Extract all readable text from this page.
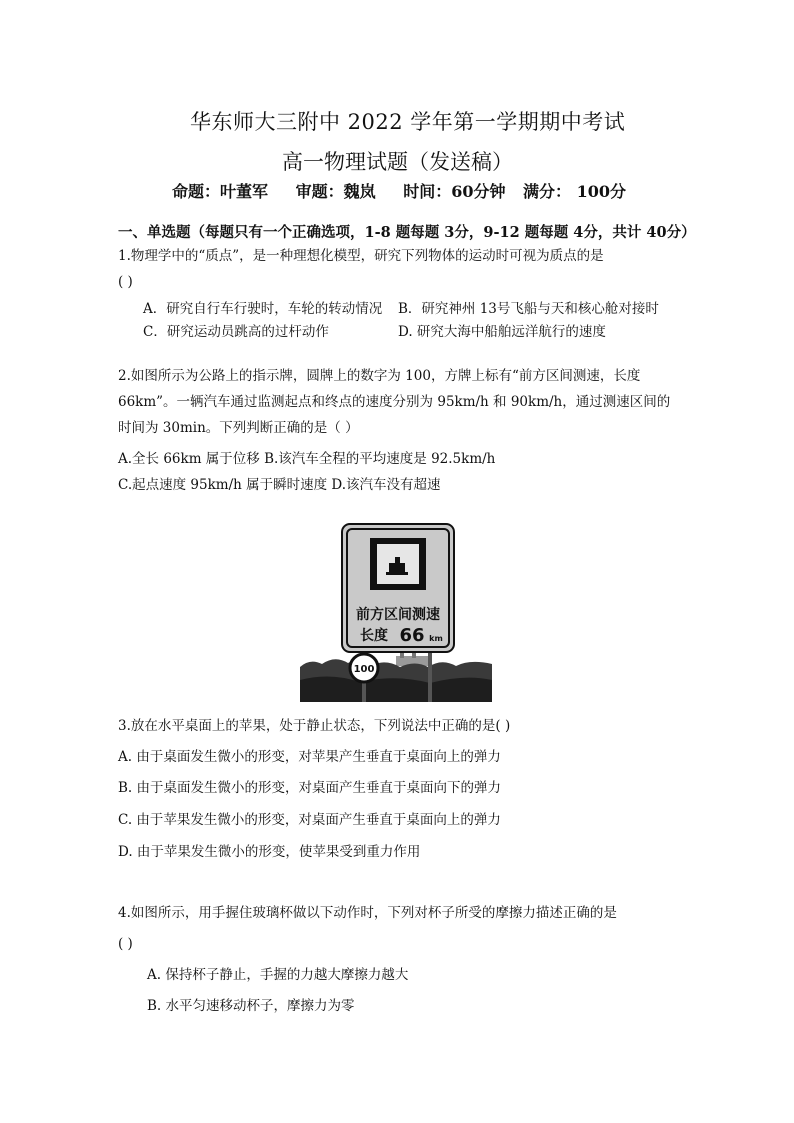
华东师大三附中 2022 学年第一学期期中考试
高一物理试题（发送稿）
命题：叶董军 审题：魏岚 时间：60分钟 满分： 100分
一、单选题（每题只有一个正确选项，1-8 题每题 3分，9-12 题每题 4分，共计 40分）
1.物理学中的“质点”，是一种理想化模型，研究下列物体的运动时可视为质点的是
( )
A．研究自行车行驶时，车轮的转动情况 B．研究神州 13号飞船与天和核心舱对接时
C．研究运动员跳高的过杆动作	D. 研究大海中船舶远洋航行的速度
2.如图所示为公路上的指示牌，圆牌上的数字为 100，方牌上标有“前方区间测速，长度
66km”。一辆汽车通过监测起点和终点的速度分别为 95km/h 和 90km/h，通过测速区间的
时间为 30min。下列判断正确的是（ ）
A.全长 66km 属于位移 B.该汽车全程的平均速度是 92.5km/h
C.起点速度 95km/h 属于瞬时速度 D.该汽车没有超速
前方区间测速
长度 66 km
100
3.放在水平桌面上的苹果，处于静止状态，下列说法中正确的是( )
A. 由于桌面发生微小的形变，对苹果产生垂直于桌面向上的弹力
B. 由于桌面发生微小的形变，对桌面产生垂直于桌面向下的弹力
C. 由于苹果发生微小的形变，对桌面产生垂直于桌面向上的弹力
D. 由于苹果发生微小的形变，使苹果受到重力作用
4.如图所示，用手握住玻璃杯做以下动作时，下列对杯子所受的摩擦力描述正确的是
( )
A. 保持杯子静止，手握的力越大摩擦力越大
B. 水平匀速移动杯子，摩擦力为零
